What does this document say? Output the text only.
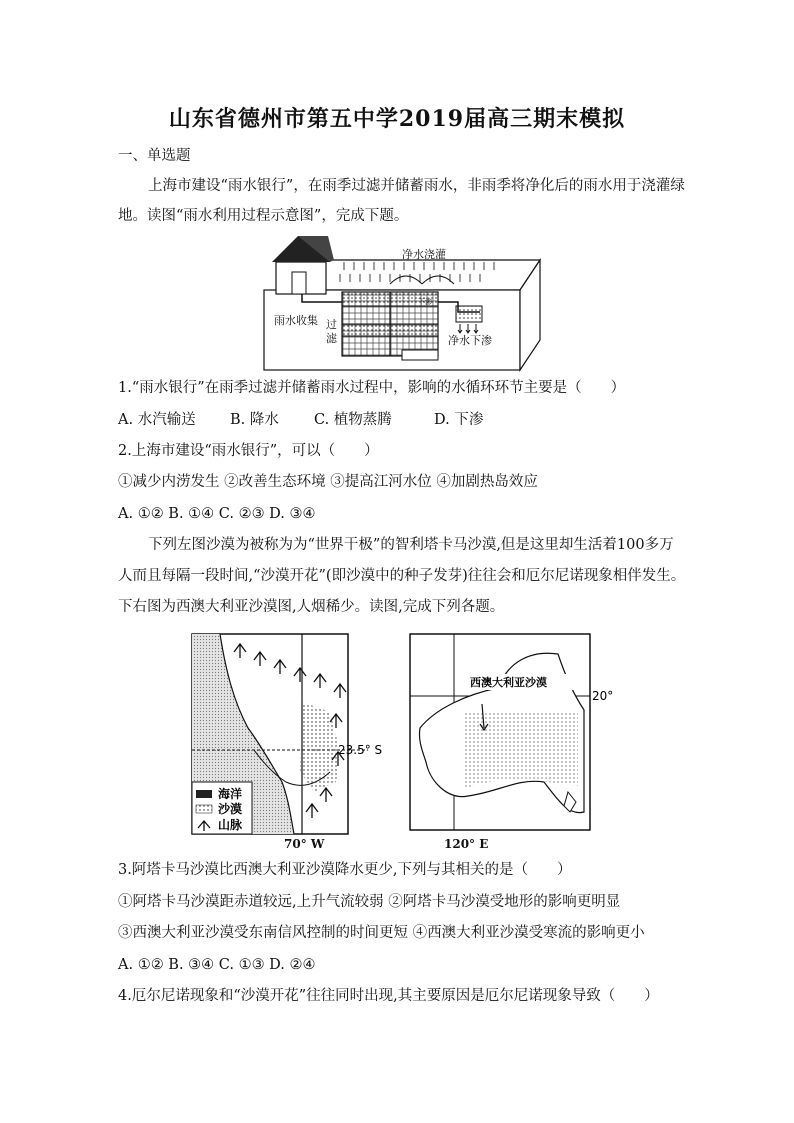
山东省德州市第五中学2019届高三期末模拟
一、单选题
上海市建设“雨水银行”，在雨季过滤并储蓄雨水，非雨季将净化后的雨水用于浇灌绿
地。读图“雨水利用过程示意图”，完成下题。
净水浇灌
雨水收集 过
滤
下渗
净水下渗
1.“雨水银行”在雨季过滤并储蓄雨水过程中，影响的水循环环节主要是（　　）
A. 水汽输送 B. 降水 C. 植物蒸腾	D. 下渗
2.上海市建设“雨水银行”，可以（　　）
①减少内涝发生 ②改善生态环境 ③提高江河水位 ④加剧热岛效应
A. ①② B. ①④ C. ②③ D. ③④
下列左图沙漠为被称为为“世界干极”的智利塔卡马沙漠,但是这里却生活着100多万
人而且每隔一段时间,“沙漠开花”(即沙漠中的种子发芽)往往会和厄尔尼诺现象相伴发生。
下右图为西澳大利亚沙漠图,人烟稀少。读图,完成下列各题。
海洋
沙漠
山脉
23.5° S
70° W
西澳大利亚沙漠
20°
120° E
3.阿塔卡马沙漠比西澳大利亚沙漠降水更少,下列与其相关的是（　　）
①阿塔卡马沙漠距赤道较远,上升气流较弱 ②阿塔卡马沙漠受地形的影响更明显
③西澳大利亚沙漠受东南信风控制的时间更短 ④西澳大利亚沙漠受寒流的影响更小
A. ①② B. ③④ C. ①③ D. ②④
4.厄尔尼诺现象和“沙漠开花”往往同时出现,其主要原因是厄尔尼诺现象导致（　　）
